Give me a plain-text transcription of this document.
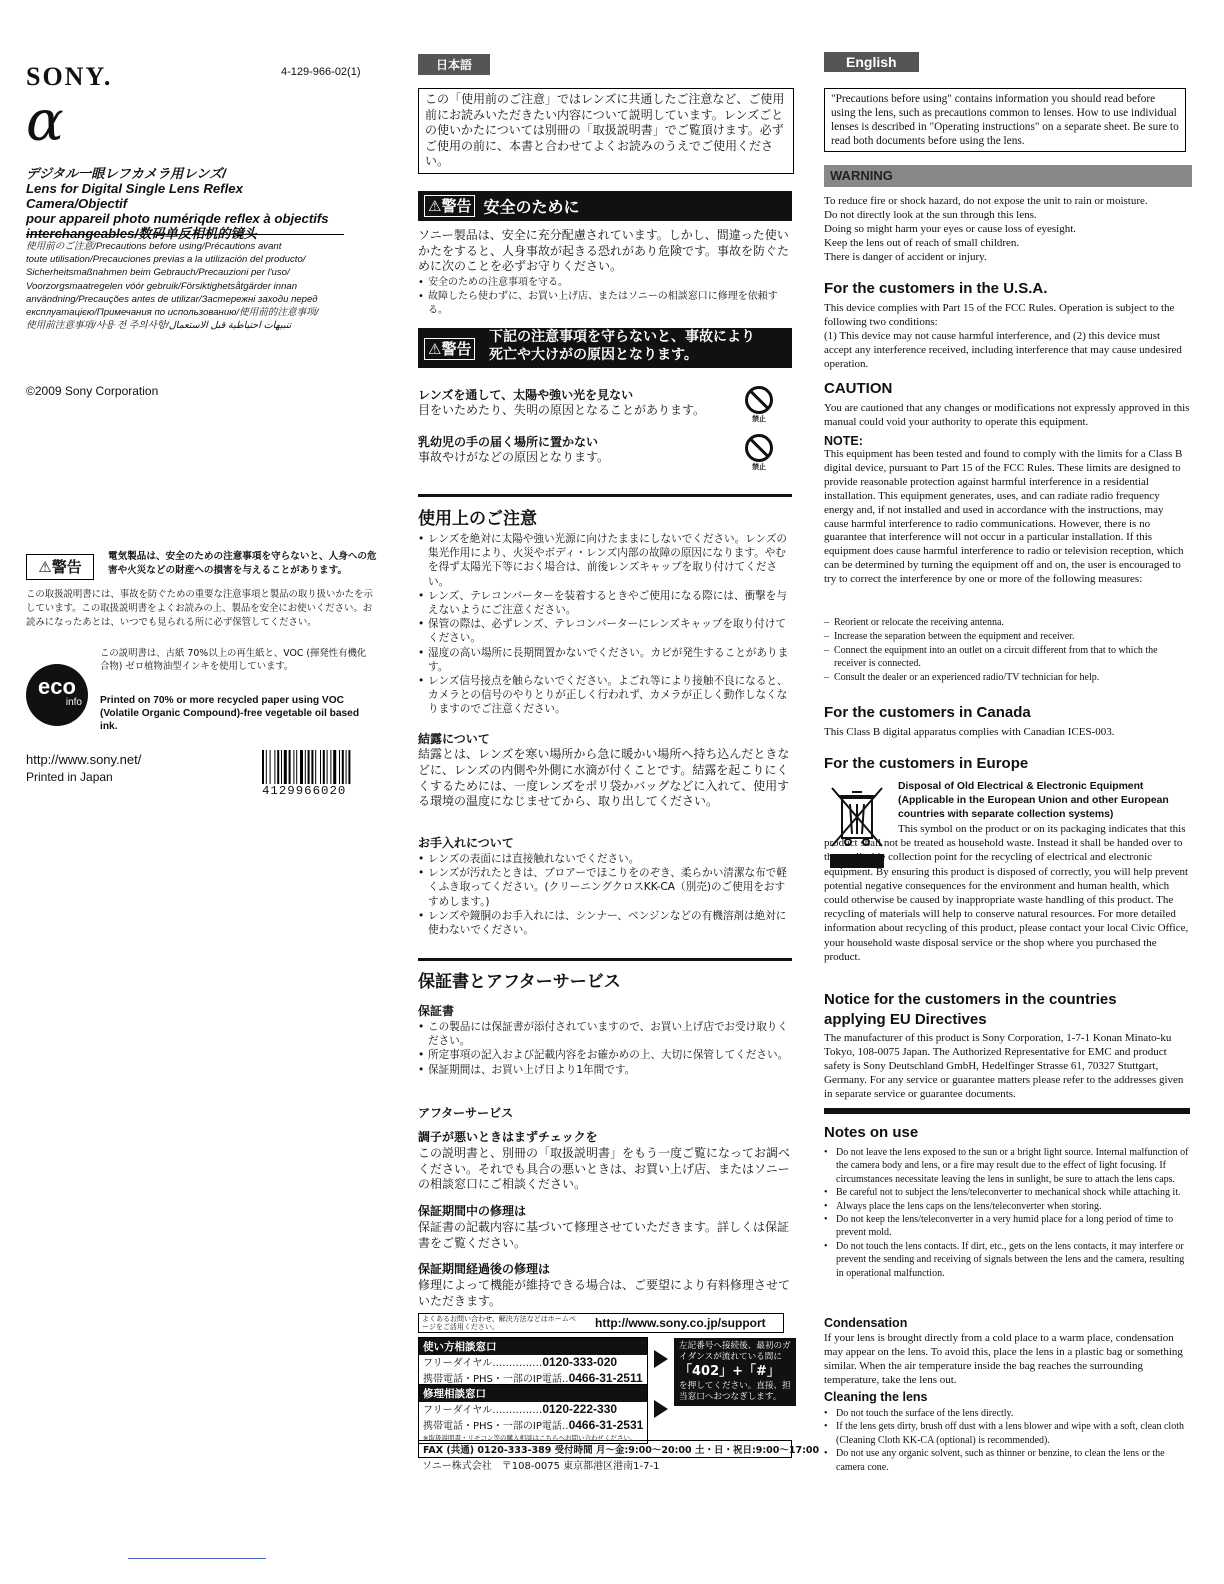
SONY.	4-129-966-02(1)
α
デジタル一眼レフカメラ用レンズ/
Lens for Digital Single Lens Reflex Camera/Objectif
pour appareil photo numériqde reflex à objectifs
interchangeables/数码单反相机的镜头
使用前のご注意/Precautions before using/Précautions avant
toute utilisation/Precauciones previas a la utilización del producto/
Sicherheitsmaßnahmen beim Gebrauch/Precauzioni per l'uso/
Voorzorgsmaatregelen vóór gebruik/Försiktighetsåtgärder innan
användning/Precauções antes de utilizar/Застережні заходи перед
експлуатацією/Примечания по использованию/使用前的注意事项/
使用前注意事項/사용 전 주의사항/تنبيهات احتياطية قبل الاستعمال
©2009 Sony Corporation
⚠警告
電気製品は、安全のための注意事項を守らないと、人身への危害や火災などの財産への損害を与えることがあります。
この取扱説明書には、事故を防ぐための重要な注意事項と製品の取り扱いかたを示しています。この取扱説明書をよくお読みの上、製品を安全にお使いください。お読みになったあとは、いつでも見られる所に必ず保管してください。
eco
info
この説明書は、古紙 70%以上の再生紙と、VOC (揮発性有機化合物) ゼロ植物油型インキを使用しています。
Printed on 70% or more recycled paper using VOC (Volatile Organic Compound)-free vegetable oil based ink.
http://www.sony.net/
Printed in Japan
4129966020
日本語
この「使用前のご注意」ではレンズに共通したご注意など、ご使用前にお読みいただきたい内容について説明しています。レンズごとの使いかたについては別冊の「取扱説明書」でご覧頂けます。必ずご使用の前に、本書と合わせてよくお読みのうえでご使用ください。
⚠警告 安全のために
ソニー製品は、安全に充分配慮されています。しかし、間違った使いかたをすると、人身事故が起きる恐れがあり危険です。事故を防ぐために次のことを必ずお守りください。
• 安全のための注意事項を守る。
• 故障したら使わずに、お買い上げ店、またはソニーの相談窓口に修理を依頼する。
⚠警告
下記の注意事項を守らないと、事故により
死亡や大けがの原因となります。
レンズを通して、太陽や強い光を見ない
目をいためたり、失明の原因となることがあります。
禁止
乳幼児の手の届く場所に置かない
事故やけがなどの原因となります。
禁止
使用上のご注意
• レンズを絶対に太陽や強い光源に向けたままにしないでください。レンズの集光作用により、火災やボディ・レンズ内部の故障の原因になります。やむを得ず太陽光下等におく場合は、前後レンズキャップを取り付けてください。
• レンズ、テレコンバーターを装着するときやご使用になる際には、衝撃を与えないようにご注意ください。
• 保管の際は、必ずレンズ、テレコンバーターにレンズキャップを取り付けてください。
• 湿度の高い場所に長期間置かないでください。カビが発生することがあります。
• レンズ信号接点を触らないでください。よごれ等により接触不良になると、カメラとの信号のやりとりが正しく行われず、カメラが正しく動作しなくなりますのでご注意ください。
結露について
結露とは、レンズを寒い場所から急に暖かい場所へ持ち込んだときなどに、レンズの内側や外側に水滴が付くことです。結露を起こりにくくするためには、一度レンズをポリ袋かバッグなどに入れて、使用する環境の温度になじませてから、取り出してください。
お手入れについて
• レンズの表面には直接触れないでください。
• レンズが汚れたときは、ブロアーでほこりをのぞき、柔らかい清潔な布で軽くふき取ってください。(クリーニングクロスKK-CA（別売)のご使用をおすすめします。)
• レンズや鏡胴のお手入れには、シンナー、ベンジンなどの有機溶剤は絶対に使わないでください。
保証書とアフターサービス
保証書
• この製品には保証書が添付されていますので、お買い上げ店でお受け取りください。
• 所定事項の記入および記載内容をお確かめの上、大切に保管してください。
• 保証期間は、お買い上げ日より1年間です。
アフターサービス
調子が悪いときはまずチェックを
この説明書と、別冊の「取扱説明書」をもう一度ご覧になってお調べください。それでも具合の悪いときは、お買い上げ店、またはソニーの相談窓口にご相談ください。
保証期間中の修理は
保証書の記載内容に基づいて修理させていただきます。詳しくは保証書をご覧ください。
保証期間経過後の修理は
修理によって機能が維持できる場合は、ご要望により有料修理させていただきます。
よくあるお問い合わせ、解決方法などはホームページをご活用ください。	http://www.sony.co.jp/support
使い方相談窓口
フリーダイヤル……………0120-333-020
携帯電話・PHS・一部のIP電話‥0466-31-2511
左記番号へ接続後、最初のガイダンスが流れている間に
「402」+「#」
を押してください。直接、担当窓口へおつなぎします。
修理相談窓口
フリーダイヤル……………0120-222-330
携帯電話・PHS・一部のIP電話‥0466-31-2531
※取扱説明書・リモコン等の購入相談はこちらへお問い合わせください。
FAX (共通) 0120-333-389 受付時間 月～金:9:00～20:00 土・日・祝日:9:00～17:00
ソニー株式会社　〒108-0075 東京都港区港南1-7-1
English
"Precautions before using" contains information you should read before using the lens, such as precautions common to lenses. How to use individual lenses is described in "Operating instructions" on a separate sheet. Be sure to read both documents before using the lens.
WARNING
To reduce fire or shock hazard, do not expose the unit to rain or moisture.
Do not directly look at the sun through this lens.
Doing so might harm your eyes or cause loss of eyesight.
Keep the lens out of reach of small children.
There is danger of accident or injury.
For the customers in the U.S.A.
This device complies with Part 15 of the FCC Rules. Operation is subject to the following two conditions:
(1) This device may not cause harmful interference, and (2) this device must accept any interference received, including interference that may cause undesired operation.
CAUTION
You are cautioned that any changes or modifications not expressly approved in this manual could void your authority to operate this equipment.
NOTE:
This equipment has been tested and found to comply with the limits for a Class B digital device, pursuant to Part 15 of the FCC Rules. These limits are designed to provide reasonable protection against harmful interference in a residential installation. This equipment generates, uses, and can radiate radio frequency energy and, if not installed and used in accordance with the instructions, may cause harmful interference to radio communications. However, there is no guarantee that interference will not occur in a particular installation. If this equipment does cause harmful interference to radio or television reception, which can be determined by turning the equipment off and on, the user is encouraged to try to correct the interference by one or more of the following measures:
– Reorient or relocate the receiving antenna.
– Increase the separation between the equipment and receiver.
– Connect the equipment into an outlet on a circuit different from that to which the receiver is connected.
– Consult the dealer or an experienced radio/TV technician for help.
For the customers in Canada
This Class B digital apparatus complies with Canadian ICES-003.
For the customers in Europe
Disposal of Old Electrical & Electronic Equipment (Applicable in the European Union and other European countries with separate collection systems)
This symbol on the product or on its packaging indicates that this product shall not be treated as household waste. Instead it shall be handed over to the applicable collection point for the recycling of electrical and electronic equipment. By ensuring this product is disposed of correctly, you will help prevent potential negative consequences for the environment and human health, which could otherwise be caused by inappropriate waste handling of this product. The recycling of materials will help to conserve natural resources. For more detailed information about recycling of this product, please contact your local Civic Office, your household waste disposal service or the shop where you purchased the product.
Notice for the customers in the countries
applying EU Directives
The manufacturer of this product is Sony Corporation, 1-7-1 Konan Minato-ku Tokyo, 108-0075 Japan. The Authorized Representative for EMC and product safety is Sony Deutschland GmbH, Hedelfinger Strasse 61, 70327 Stuttgart, Germany. For any service or guarantee matters please refer to the addresses given in separate service or guarantee documents.
Notes on use
• Do not leave the lens exposed to the sun or a bright light source. Internal malfunction of the camera body and lens, or a fire may result due to the effect of light focusing. If circumstances necessitate leaving the lens in sunlight, be sure to attach the lens caps.
• Be careful not to subject the lens/teleconverter to mechanical shock while attaching it.
• Always place the lens caps on the lens/teleconverter when storing.
• Do not keep the lens/teleconverter in a very humid place for a long period of time to prevent mold.
• Do not touch the lens contacts. If dirt, etc., gets on the lens contacts, it may interfere or prevent the sending and receiving of signals between the lens and the camera, resulting in operational malfunction.
Condensation
If your lens is brought directly from a cold place to a warm place, condensation may appear on the lens. To avoid this, place the lens in a plastic bag or something similar. When the air temperature inside the bag reaches the surrounding temperature, take the lens out.
Cleaning the lens
• Do not touch the surface of the lens directly.
• If the lens gets dirty, brush off dust with a lens blower and wipe with a soft, clean cloth (Cleaning Cloth KK-CA (optional) is recommended).
• Do not use any organic solvent, such as thinner or benzine, to clean the lens or the camera cone.
